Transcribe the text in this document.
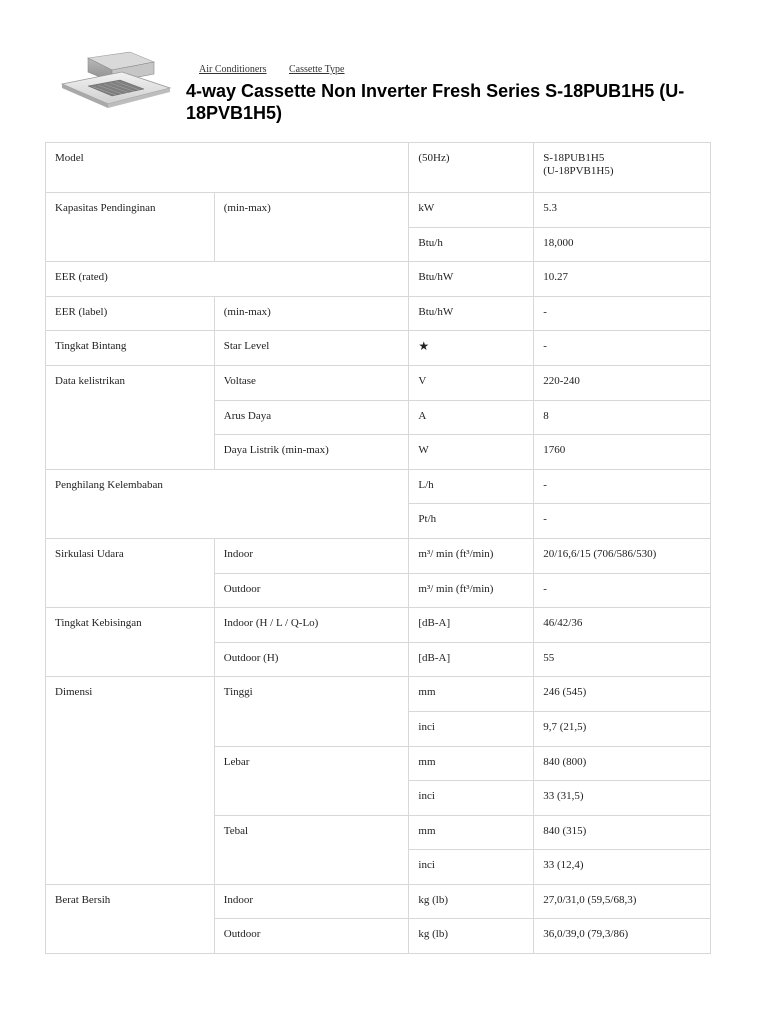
Air Conditioners Cassette Type
4-way Cassette Non Inverter Fresh Series S-18PUB1H5 (U-18PVB1H5)
Model		(50Hz)	S-18PUB1H5
(U-18PVB1H5)
Kapasitas Pendinginan	(min-max)	kW	5.3
		Btu/h	18,000
EER (rated)		Btu/hW	10.27
EER (label)	(min-max)	Btu/hW	-
Tingkat Bintang	Star Level	★	-
Data kelistrikan	Voltase	V	220-240
	Arus Daya	A	8
	Daya Listrik (min-max)	W	1760
Penghilang Kelembaban		L/h	-
		Pt/h	-
Sirkulasi Udara	Indoor	m³/ min (ft³/min)	20/16,6/15 (706/586/530)
	Outdoor	m³/ min (ft³/min)	-
Tingkat Kebisingan	Indoor (H / L / Q-Lo)	[dB-A]	46/42/36
	Outdoor (H)	[dB-A]	55
Dimensi	Tinggi	mm	246 (545)
		inci	9,7 (21,5)
	Lebar	mm	840 (800)
		inci	33 (31,5)
	Tebal	mm	840 (315)
		inci	33 (12,4)
Berat Bersih	Indoor	kg (lb)	27,0/31,0 (59,5/68,3)
	Outdoor	kg (lb)	36,0/39,0 (79,3/86)
